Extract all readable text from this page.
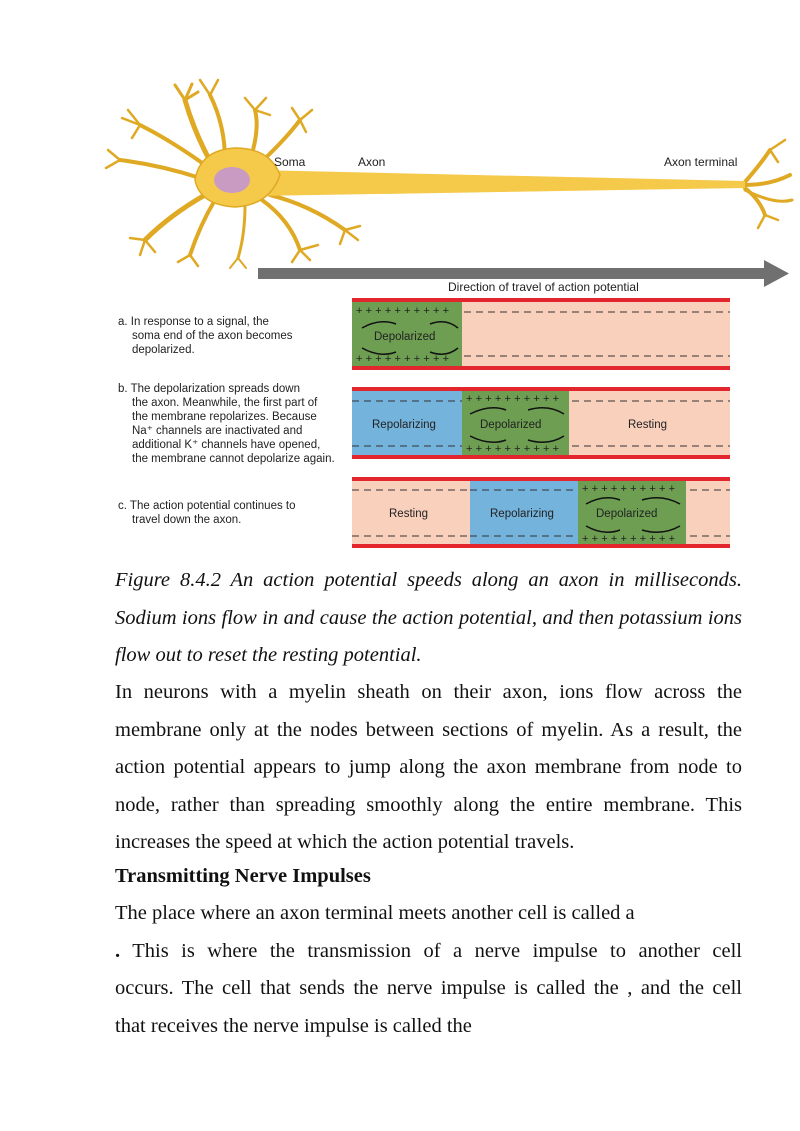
Soma	Axon	Axon terminal
Direction of travel of action potential
a. In response to a signal, the
soma end of the axon becomes
depolarized.
++++++++++
++++++++++
Depolarized
b. The depolarization spreads down
the axon. Meanwhile, the first part of
the membrane repolarizes. Because
Na⁺ channels are inactivated and
additional K⁺ channels have opened,
the membrane cannot depolarize again.
++++++++++
++++++++++
Repolarizing	Depolarized	Resting
c. The action potential continues to
travel down the axon.
++++++++++
++++++++++
Resting	Repolarizing	Depolarized

Figure 8.4.2 An action potential speeds along an axon in milliseconds. Sodium ions flow in and cause the action potential, and then potassium ions flow out to reset the resting potential.

In neurons with a myelin sheath on their axon, ions flow across the membrane only at the nodes between sections of myelin. As a result, the action potential appears to jump along the axon membrane from node to node, rather than spreading smoothly along the entire membrane. This increases the speed at which the action potential travels.

Transmitting Nerve Impulses

The place where an axon terminal meets another cell is called a
. This is where the transmission of a nerve impulse to another cell
occurs. The cell that sends the nerve impulse is called the , and the cell
that receives the nerve impulse is called the
